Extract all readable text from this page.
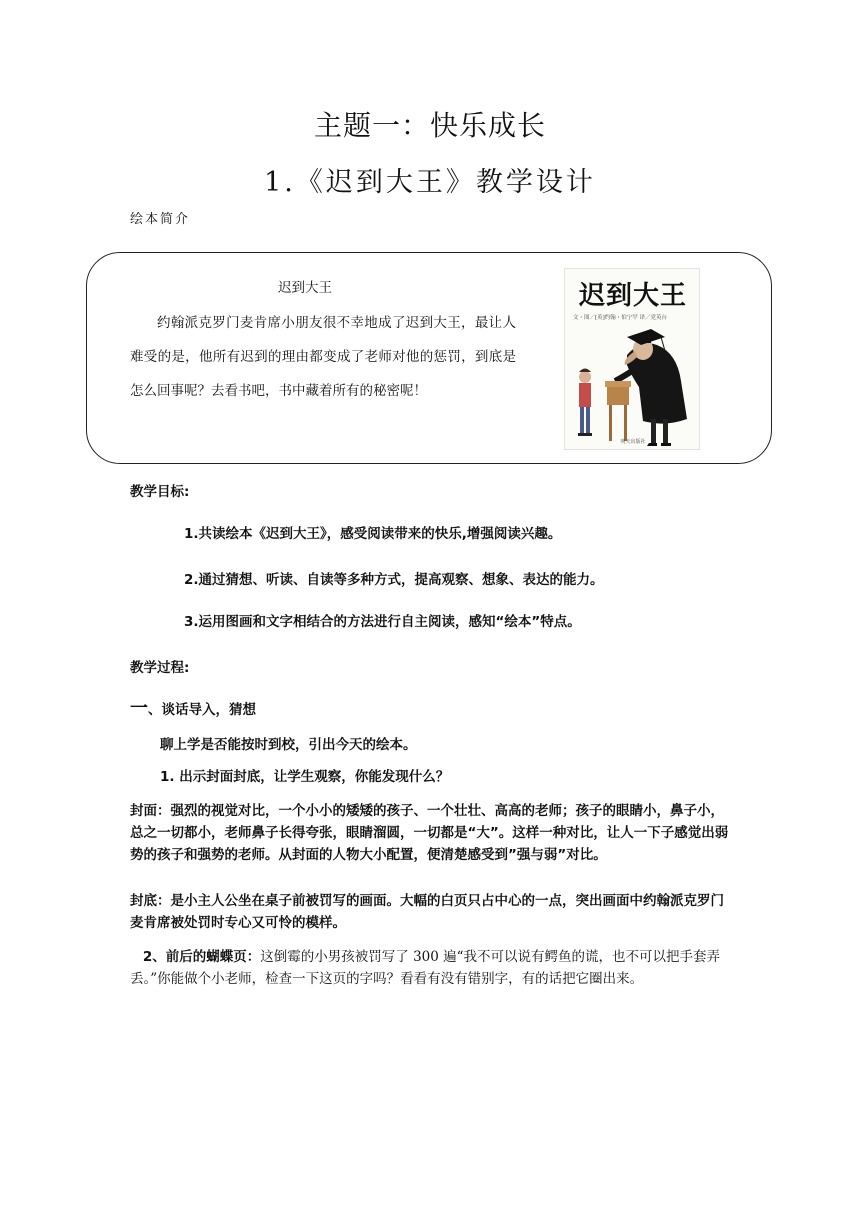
主题一：快乐成长
1.《迟到大王》教学设计
绘本简介
迟到大王
约翰派克罗门麦肯席小朋友很不幸地成了迟到大王，最让人难受的是，他所有迟到的理由都变成了老师对他的惩罚，到底是怎么回事呢？去看书吧，书中藏着所有的秘密呢！
迟到大王
文・图／[英]约翰・伯宁罕 译／党英台
明天出版社
教学目标:
1.共读绘本《迟到大王》，感受阅读带来的快乐,增强阅读兴趣。
2.通过猜想、听读、自读等多种方式，提高观察、想象、表达的能力。
3.运用图画和文字相结合的方法进行自主阅读，感知“绘本”特点。
教学过程:
一、谈话导入，猜想
聊上学是否能按时到校，引出今天的绘本。
1. 出示封面封底，让学生观察，你能发现什么？
封面：强烈的视觉对比，一个小小的矮矮的孩子、一个壮壮、高高的老师；孩子的眼睛小，鼻子小，总之一切都小，老师鼻子长得夸张，眼睛溜圆，一切都是“大”。这样一种对比，让人一下子感觉出弱势的孩子和强势的老师。从封面的人物大小配置，便清楚感受到”强与弱”对比。
封底：是小主人公坐在桌子前被罚写的画面。大幅的白页只占中心的一点，突出画面中约翰派克罗门麦肯席被处罚时专心又可怜的模样。
2、前后的蝴蝶页：这倒霉的小男孩被罚写了 300 遍“我不可以说有鳄鱼的谎，也不可以把手套弄丢。”你能做个小老师，检查一下这页的字吗？看看有没有错别字，有的话把它圈出来。
